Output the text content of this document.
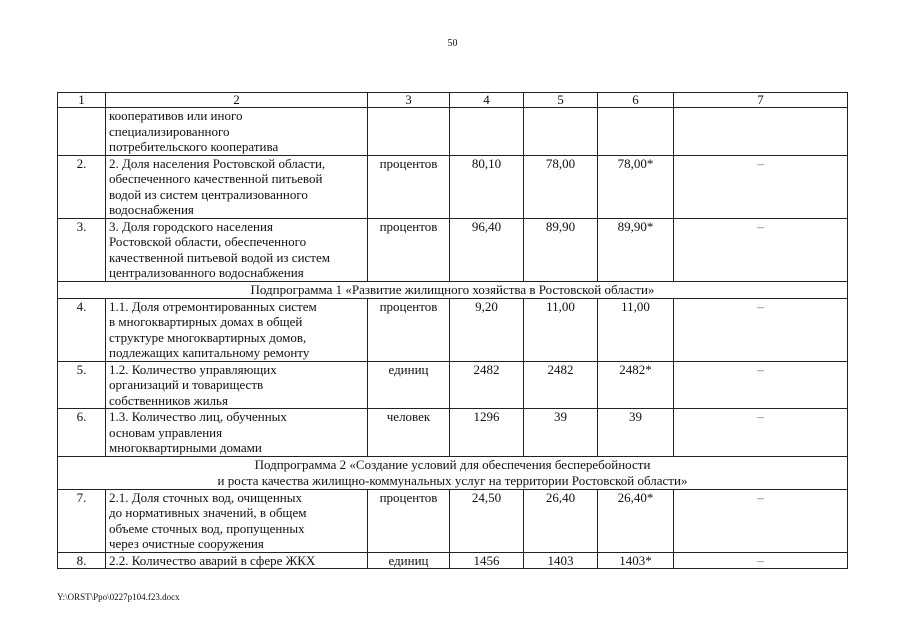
50
1	2	3	4	5	6	7

	кооперативов или иного
специализированного
потребительского кооператива					

2.	2. Доля населения Ростовской области,
обеспеченного качественной питьевой
водой из систем централизованного
водоснабжения	процентов	80,10	78,00	78,00*	–
3.	3. Доля городского населения
Ростовской области, обеспеченного
качественной питьевой водой из систем
централизованного водоснабжения	процентов	96,40	89,90	89,90*	–

Подпрограмма 1 «Развитие жилищного хозяйства в Ростовской области»						

4.	1.1. Доля отремонтированных систем
в многоквартирных домах в общей
структуре многоквартирных домов,
подлежащих капитальному ремонту	процентов	9,20	11,00	11,00	–
5.	1.2. Количество управляющих
организаций и товариществ
собственников жилья	единиц	2482	2482	2482*	–
6.	1.3. Количество лиц, обученных
основам управления
многоквартирными домами	человек	1296	39	39	–

Подпрограмма 2 «Создание условий для обеспечения бесперебойности
и роста качества жилищно-коммунальных услуг на территории Ростовской области»						

7.	2.1. Доля сточных вод, очищенных
до нормативных значений, в общем
объеме сточных вод, пропущенных
через очистные сооружения	процентов	24,50	26,40	26,40*	–
8.	2.2. Количество аварий в сфере ЖКХ	единиц	1456	1403	1403*	–
Y:\ORST\Ppo\0227p104.f23.docx
